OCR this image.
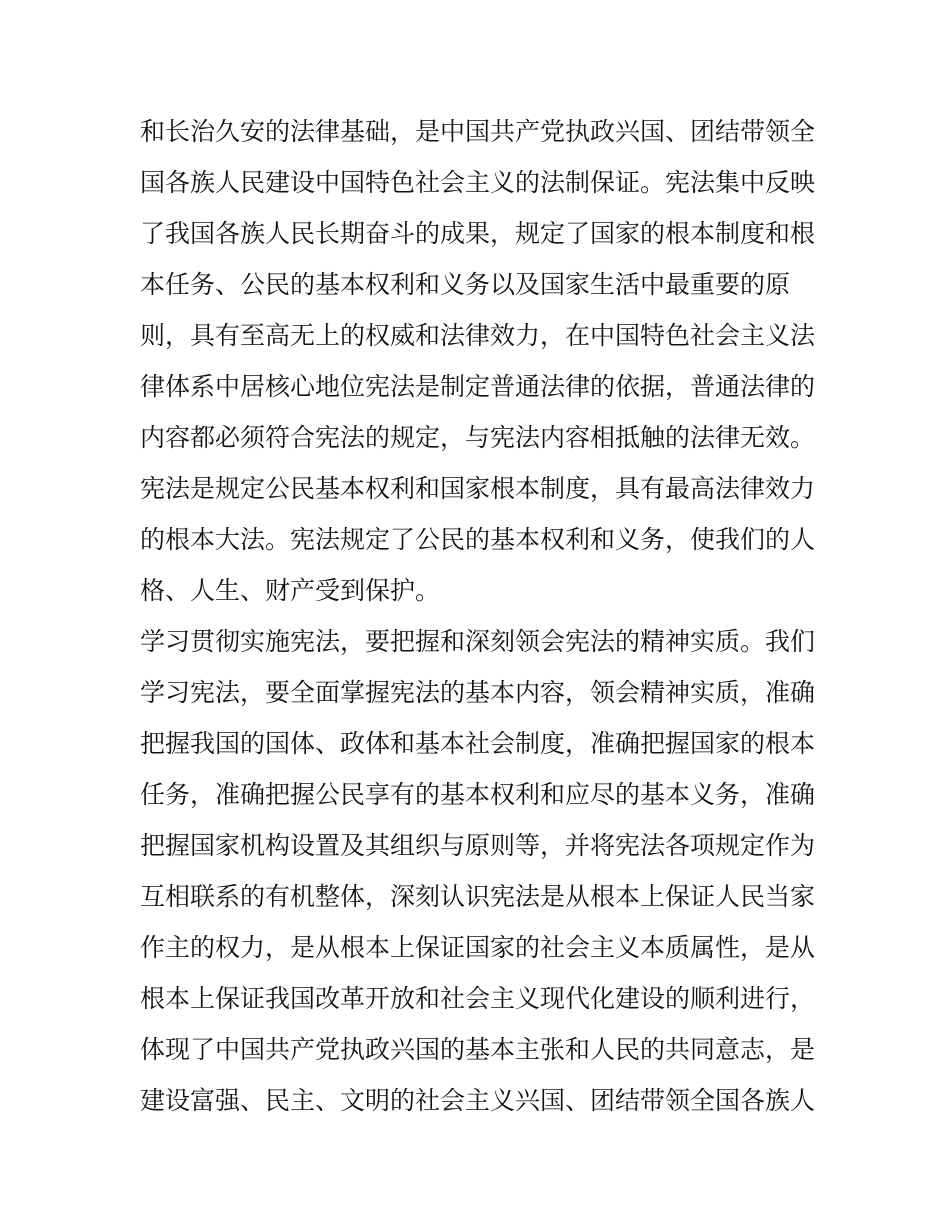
和长治久安的法律基础，是中国共产党执政兴国、团结带领全
国各族人民建设中国特色社会主义的法制保证。宪法集中反映
了我国各族人民长期奋斗的成果，规定了国家的根本制度和根
本任务、公民的基本权利和义务以及国家生活中最重要的原
则，具有至高无上的权威和法律效力，在中国特色社会主义法
律体系中居核心地位宪法是制定普通法律的依据，普通法律的
内容都必须符合宪法的规定，与宪法内容相抵触的法律无效。
宪法是规定公民基本权利和国家根本制度，具有最高法律效力
的根本大法。宪法规定了公民的基本权利和义务，使我们的人
格、人生、财产受到保护。
学习贯彻实施宪法，要把握和深刻领会宪法的精神实质。我们
学习宪法，要全面掌握宪法的基本内容，领会精神实质，准确
把握我国的国体、政体和基本社会制度，准确把握国家的根本
任务，准确把握公民享有的基本权利和应尽的基本义务，准确
把握国家机构设置及其组织与原则等，并将宪法各项规定作为
互相联系的有机整体，深刻认识宪法是从根本上保证人民当家
作主的权力，是从根本上保证国家的社会主义本质属性，是从
根本上保证我国改革开放和社会主义现代化建设的顺利进行，
体现了中国共产党执政兴国的基本主张和人民的共同意志，是
建设富强、民主、文明的社会主义兴国、团结带领全国各族人
